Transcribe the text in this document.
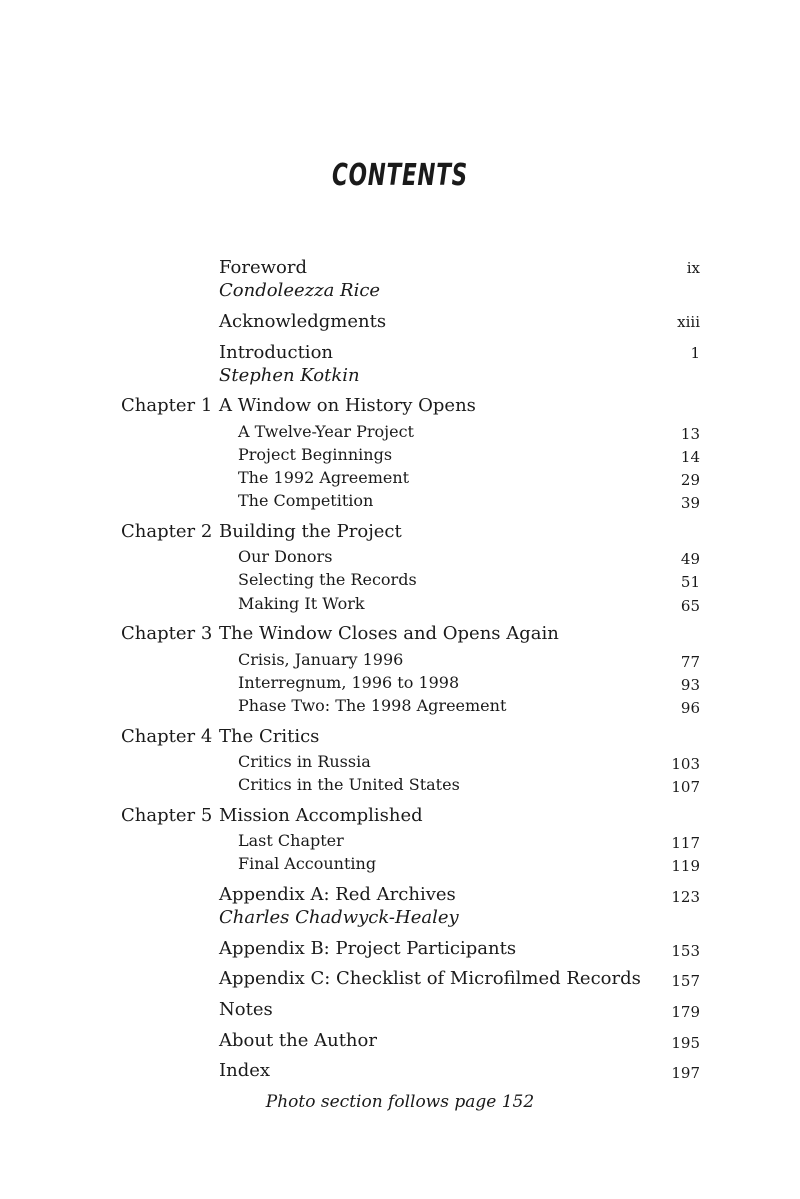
CONTENTS
Foreword	ix
Condoleezza Rice
Acknowledgments	xiii
Introduction	1
Stephen Kotkin
Chapter 1 A Window on History Opens
A Twelve-Year Project	13
Project Beginnings	14
The 1992 Agreement	29
The Competition	39
Chapter 2 Building the Project
Our Donors	49
Selecting the Records	51
Making It Work	65
Chapter 3 The Window Closes and Opens Again
Crisis, January 1996	77
Interregnum, 1996 to 1998	93
Phase Two: The 1998 Agreement	96
Chapter 4 The Critics
Critics in Russia	103
Critics in the United States	107
Chapter 5 Mission Accomplished
Last Chapter	117
Final Accounting	119
Appendix A: Red Archives	123
Charles Chadwyck-Healey
Appendix B: Project Participants	153
Appendix C: Checklist of Microfilmed Records 157
Notes	179
About the Author	195
Index	197
Photo section follows page 152
